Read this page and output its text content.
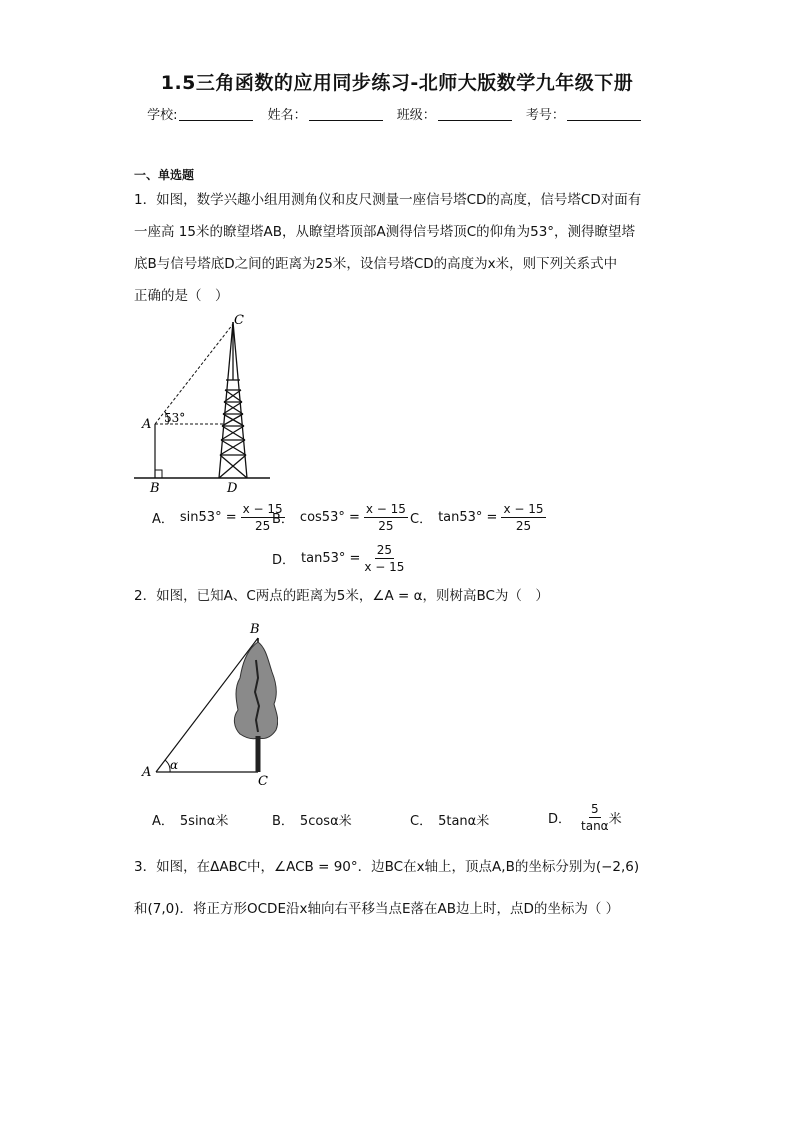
1.5三角函数的应用同步练习-北师大版数学九年级下册
学校:	姓名：	班级：	考号：
一、单选题
1．如图，数学兴趣小组用测角仪和皮尺测量一座信号塔CD的高度，信号塔CD对面有
一座高 15米的瞭望塔AB，从瞭望塔顶部A测得信号塔顶C的仰角为53°，测得瞭望塔
底B与信号塔底D之间的距离为25米，设信号塔CD的高度为x米，则下列关系式中
正确的是（　）
C
A
B	D
53°
A． $\sin 53^\circ = \frac{x - 15}{25}$
B． $\cos 53^\circ = \frac{x - 15}{25}$ C． $\tan 53^\circ = \frac{x - 15}{25}$
D． $\tan 53^\circ = \frac{25}{x - 15}$
2．如图，已知A、C两点的距离为5米，∠A = α，则树高BC为（　）
B
A
C
α
A． 5sinα米	B． 5cosα米	C． 5tanα米	D． $\frac{5}{\tan\alpha}$ 米
3．如图，在ΔABC中，∠ACB = 90°．边BC在x轴上，顶点A,B的坐标分别为(−2,6)
和(7,0)．将正方形OCDE沿x轴向右平移当点E落在AB边上时，点D的坐标为（ ）
